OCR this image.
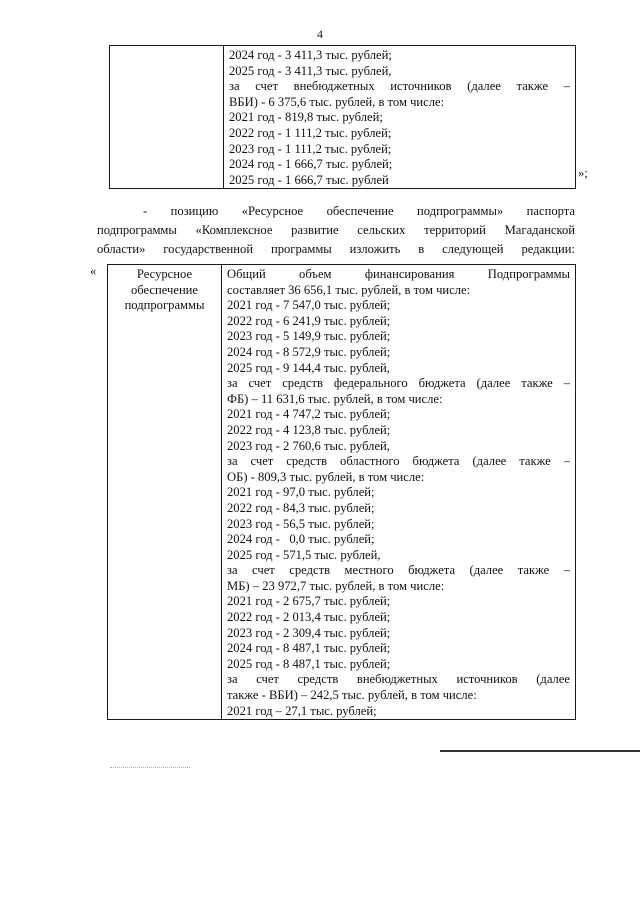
4

2024 год - 3 411,3 тыс. рублей;
2025 год - 3 411,3 тыс. рублей,
за счет внебюджетных источников (далее также –
ВБИ) - 6 375,6 тыс. рублей, в том числе:
2021 год - 819,8 тыс. рублей;
2022 год - 1 111,2 тыс. рублей;
2023 год - 1 111,2 тыс. рублей;
2024 год - 1 666,7 тыс. рублей;
2025 год - 1 666,7 тыс. рублей	»;
- позицию «Ресурсное обеспечение подпрограммы» паспорта
подпрограммы «Комплексное развитие сельских территорий Магаданской
области» государственной программы изложить в следующей редакции:
«	Ресурсное
обеспечение
подпрограммы

Общий объем финансирования Подпрограммы
составляет 36 656,1 тыс. рублей, в том числе:
2021 год - 7 547,0 тыс. рублей;
2022 год - 6 241,9 тыс. рублей;
2023 год - 5 149,9 тыс. рублей;
2024 год - 8 572,9 тыс. рублей;
2025 год - 9 144,4 тыс. рублей,
за счет средств федерального бюджета (далее также –
ФБ) – 11 631,6 тыс. рублей, в том числе:
2021 год - 4 747,2 тыс. рублей;
2022 год - 4 123,8 тыс. рублей;
2023 год - 2 760,6 тыс. рублей,
за счет средств областного бюджета (далее также –
ОБ) - 809,3 тыс. рублей, в том числе:
2021 год - 97,0 тыс. рублей;
2022 год - 84,3 тыс. рублей;
2023 год - 56,5 тыс. рублей;
2024 год -   0,0 тыс. рублей;
2025 год - 571,5 тыс. рублей,
за счет средств местного бюджета (далее также –
МБ) – 23 972,7 тыс. рублей, в том числе:
2021 год - 2 675,7 тыс. рублей;
2022 год - 2 013,4 тыс. рублей;
2023 год - 2 309,4 тыс. рублей;
2024 год - 8 487,1 тыс. рублей;
2025 год - 8 487,1 тыс. рублей;
за счет средств внебюджетных источников (далее
также - ВБИ) – 242,5 тыс. рублей, в том числе:
2021 год – 27,1 тыс. рублей;
